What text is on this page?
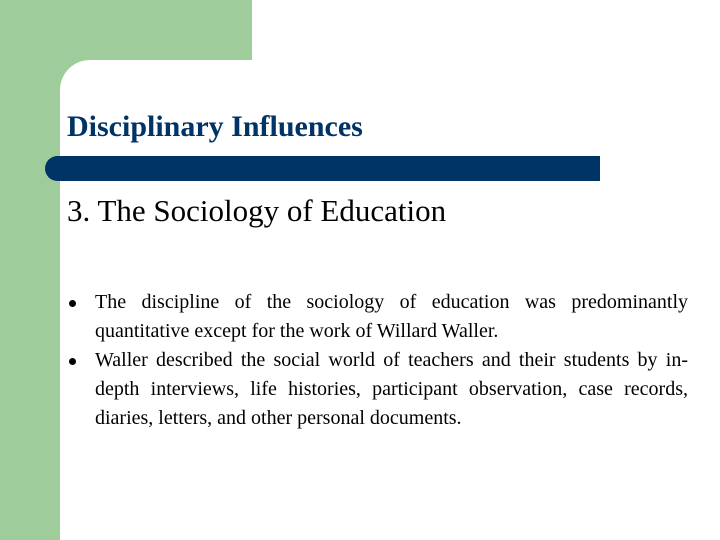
Disciplinary Influences
3. The Sociology of Education
The discipline of the sociology of education was predominantly quantitative except for the work of Willard Waller.
Waller described the social world of teachers and their students by in-depth interviews, life histories, participant observation, case records, diaries, letters, and other personal documents.
